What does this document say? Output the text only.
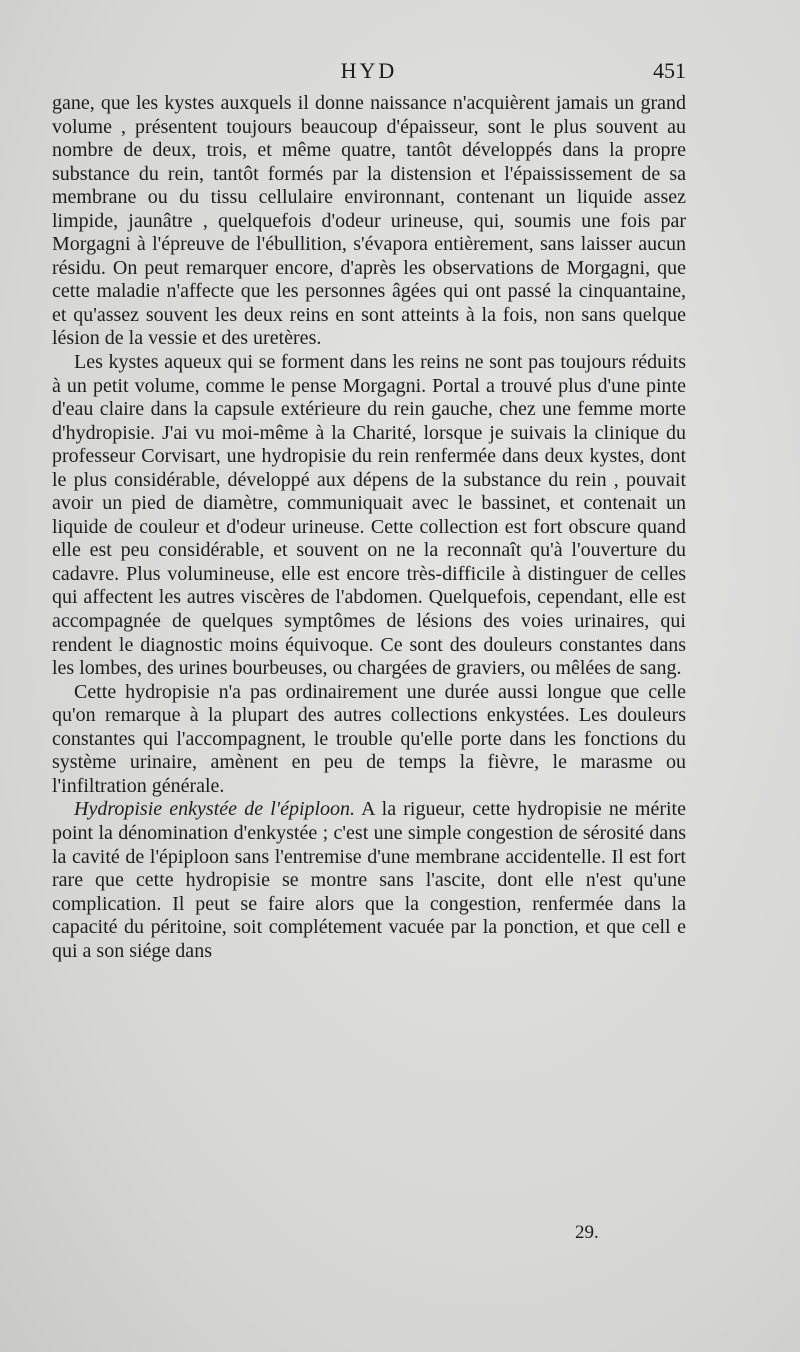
HYD	451

gane, que les kystes auxquels il donne naissance n'acquièrent jamais un grand volume , présentent toujours beaucoup d'épaisseur, sont le plus souvent au nombre de deux, trois, et même quatre, tantôt développés dans la propre substance du rein, tantôt formés par la distension et l'épaississement de sa membrane ou du tissu cellulaire environnant, contenant un liquide assez limpide, jaunâtre , quelquefois d'odeur urineuse, qui, soumis une fois par Morgagni à l'épreuve de l'ébullition, s'évapora entièrement, sans laisser aucun résidu. On peut remarquer encore, d'après les observations de Morgagni, que cette maladie n'affecte que les personnes âgées qui ont passé la cinquantaine, et qu'assez souvent les deux reins en sont atteints à la fois, non sans quelque lésion de la vessie et des uretères.

Les kystes aqueux qui se forment dans les reins ne sont pas toujours réduits à un petit volume, comme le pense Morgagni. Portal a trouvé plus d'une pinte d'eau claire dans la capsule extérieure du rein gauche, chez une femme morte d'hydropisie. J'ai vu moi-même à la Charité, lorsque je suivais la clinique du professeur Corvisart, une hydropisie du rein renfermée dans deux kystes, dont le plus considérable, développé aux dépens de la substance du rein , pouvait avoir un pied de diamètre, communiquait avec le bassinet, et contenait un liquide de couleur et d'odeur urineuse. Cette collection est fort obscure quand elle est peu considérable, et souvent on ne la reconnaît qu'à l'ouverture du cadavre. Plus volumineuse, elle est encore très-difficile à distinguer de celles qui affectent les autres viscères de l'abdomen. Quelquefois, cependant, elle est accompagnée de quelques symptômes de lésions des voies urinaires, qui rendent le diagnostic moins équivoque. Ce sont des douleurs constantes dans les lombes, des urines bourbeuses, ou chargées de graviers, ou mêlées de sang.

Cette hydropisie n'a pas ordinairement une durée aussi longue que celle qu'on remarque à la plupart des autres collections enkystées. Les douleurs constantes qui l'accompagnent, le trouble qu'elle porte dans les fonctions du système urinaire, amènent en peu de temps la fièvre, le marasme ou l'infiltration générale.

Hydropisie enkystée de l'épiploon. A la rigueur, cette hydropisie ne mérite point la dénomination d'enkystée ; c'est une simple congestion de sérosité dans la cavité de l'épiploon sans l'entremise d'une membrane accidentelle. Il est fort rare que cette hydropisie se montre sans l'ascite, dont elle n'est qu'une complication. Il peut se faire alors que la congestion, renfermée dans la capacité du péritoine, soit complétement vacuée par la ponction, et que cell e qui a son siége dans

29.
